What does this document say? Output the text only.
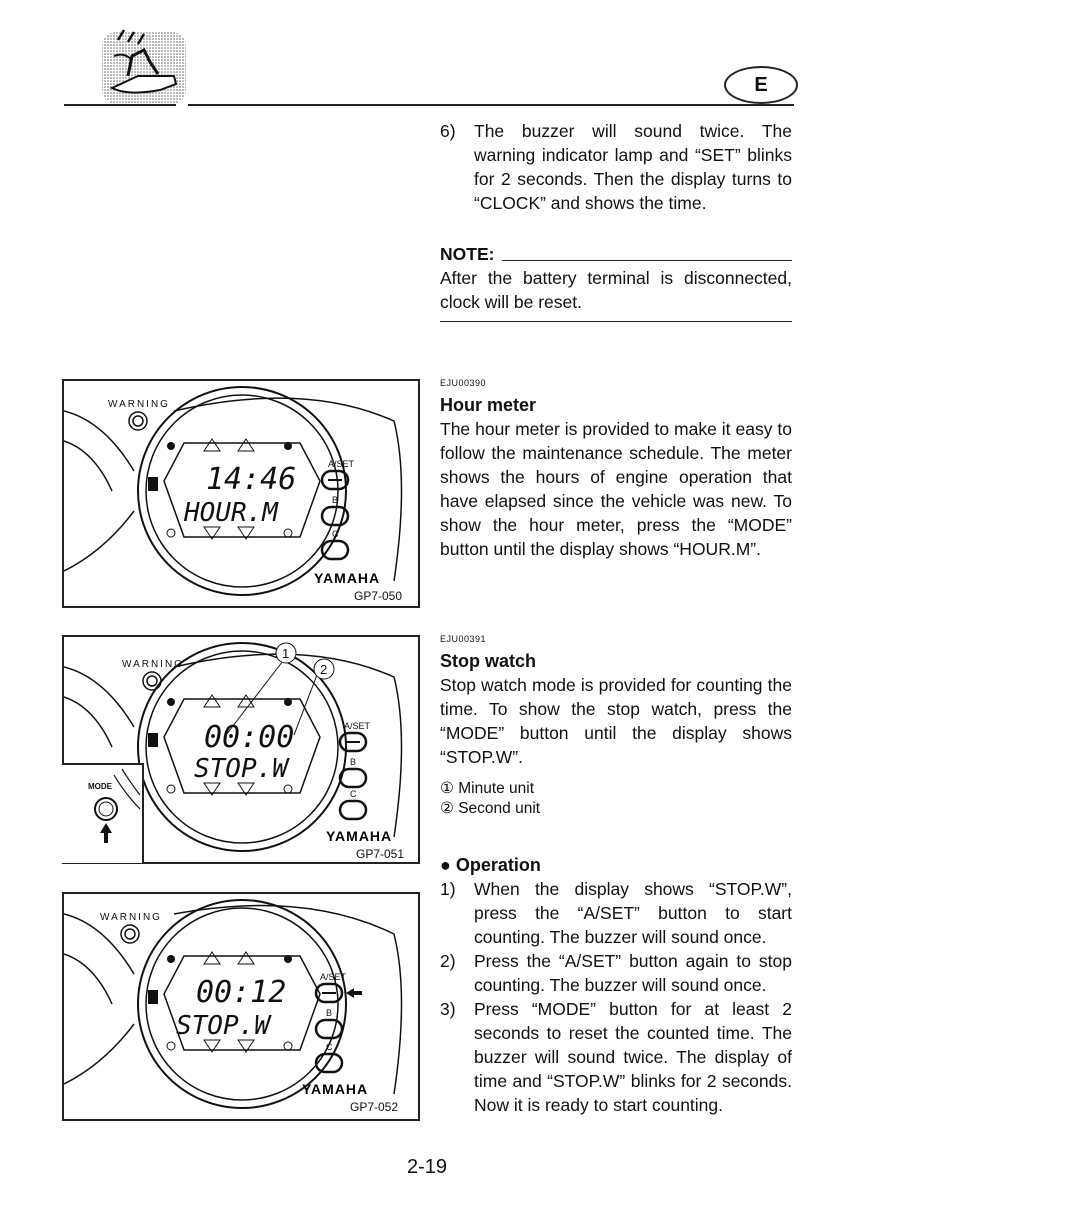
E
6)	The buzzer will sound twice. The warning indicator lamp and “SET” blinks for 2 seconds. Then the display turns to “CLOCK” and shows the time.
NOTE:
After the battery terminal is disconnected, clock will be reset.
EJU00390
Hour meter
The hour meter is provided to make it easy to follow the maintenance schedule. The meter shows the hours of engine operation that have elapsed since the vehicle was new. To show the hour meter, press the “MODE” button until the display shows “HOUR.M”.
EJU00391
Stop watch
Stop watch mode is provided for counting the time. To show the stop watch, press the “MODE” button until the display shows “STOP.W”.
① Minute unit
② Second unit
● Operation
1)	When the display shows “STOP.W”, press the “A/SET” button to start counting. The buzzer will sound once.
2)	Press the “A/SET” button again to stop counting. The buzzer will sound once.
3)	Press “MODE” button for at least 2 seconds to reset the counted time. The buzzer will sound twice. The display of time and “STOP.W” blinks for 2 seconds. Now it is ready to start counting.
WARNING
14:46
HOUR.M
A/SET
B
C
YAMAHA
GP7-050
WARNING
00:00
STOP.W
1
2
A/SET
B
C
YAMAHA
GP7-051
MODE
WARNING
00:12
STOP.W
A/SET
B
C
YAMAHA
GP7-052
2-19
